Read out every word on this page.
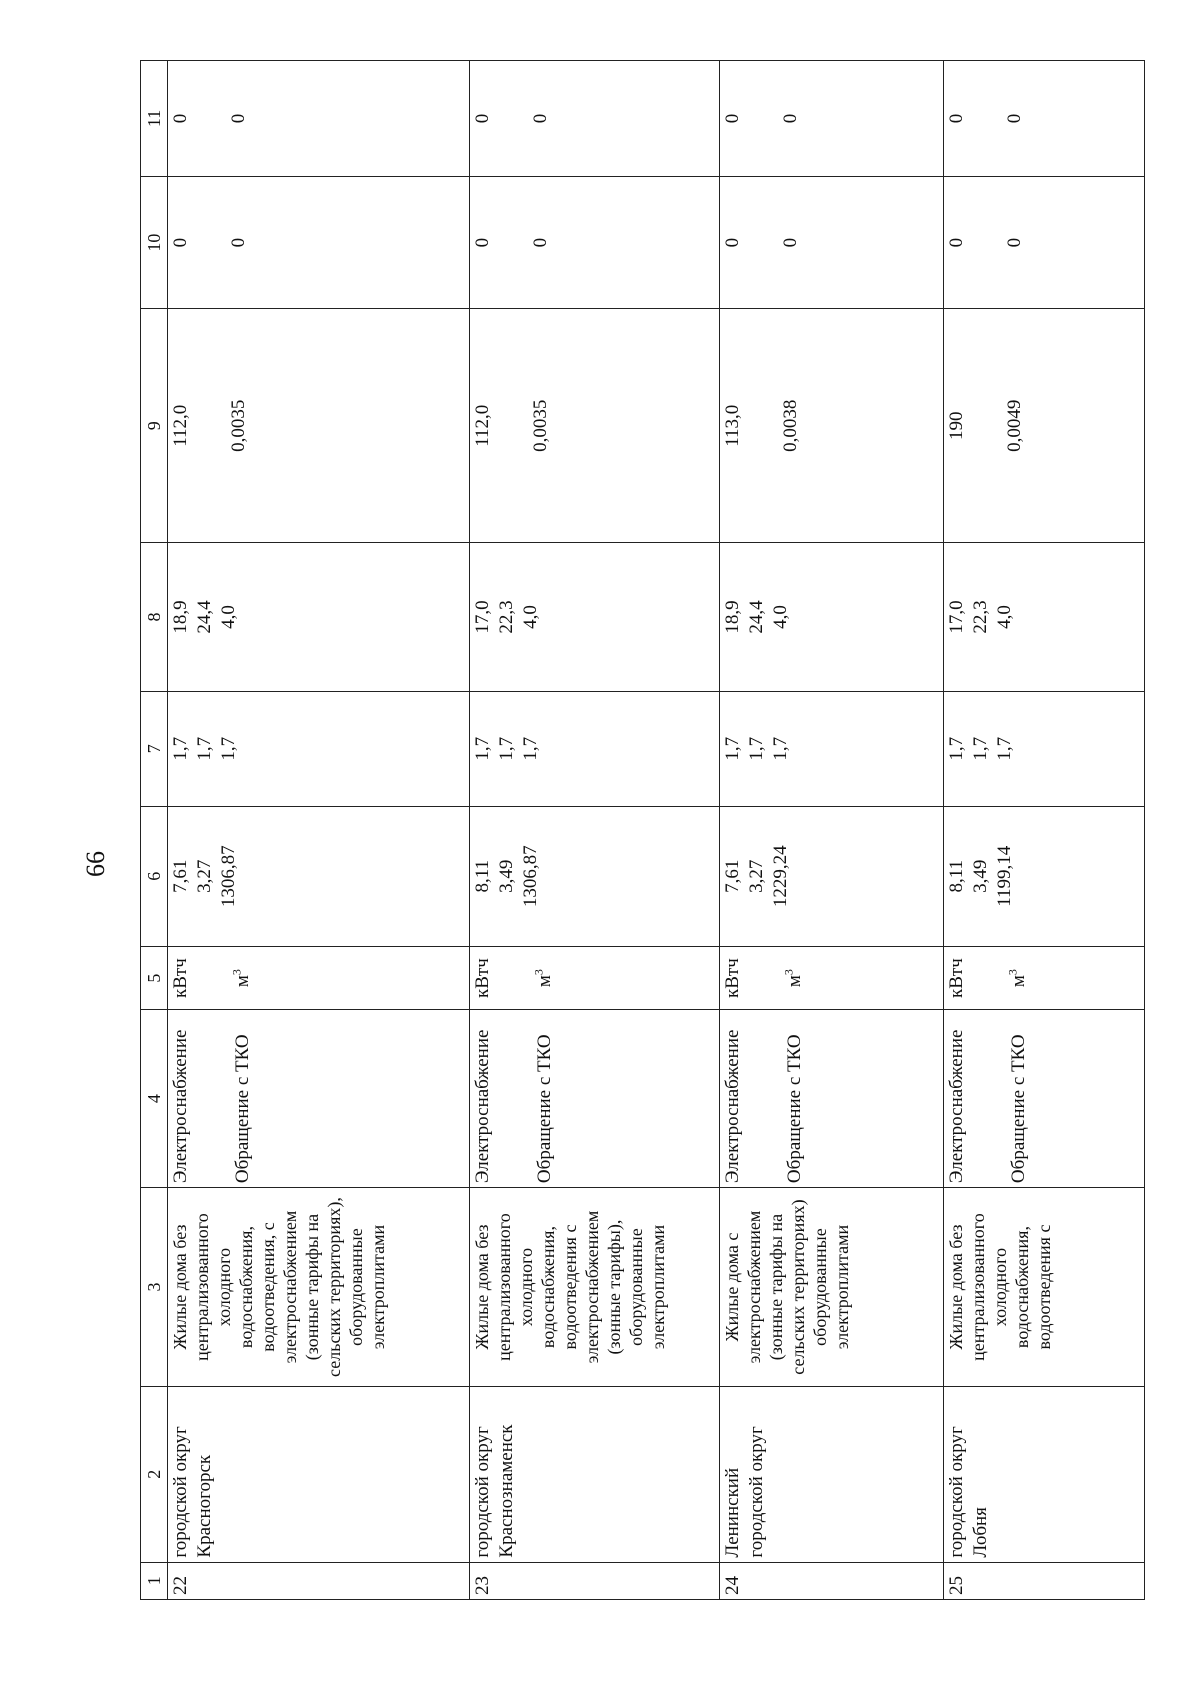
66
1	2	3	4	5	6	7	8	9	10	11
22	городской округ Красногорск	Жилые дома без централизованного холодного водоснабжения, водоотведения, с электроснабжением (зонные тарифы на сельских территориях), оборудованные электроплитами	Электроснабжение Обращение с ТКО	кВтч $м^3$	7,61 3,27 1306,87	1,7 1,7 1,7	18,9 24,4 4,0	112,0 0,0035	0 0	0 0

23	городской округ Краснознаменск	Жилые дома без централизованного холодного водоснабжения, водоотведения с электроснабжением (зонные тарифы), оборудованные электроплитами	Электроснабжение Обращение с ТКО	кВтч $м^3$	8,11 3,49 1306,87	1,7 1,7 1,7	17,0 22,3 4,0	112,0 0,0035	0 0	0 0

24	Ленинский городской округ	Жилые дома с электроснабжением (зонные тарифы на сельских территориях) оборудованные электроплитами	Электроснабжение Обращение с ТКО	кВтч $м^3$	7,61 3,27 1229,24	1,7 1,7 1,7	18,9 24,4 4,0	113,0 0,0038	0 0	0 0

25	городской округ Лобня	Жилые дома без централизованного холодного водоснабжения, водоотведения с	Электроснабжение Обращение с ТКО	кВтч $м^3$	8,11 3,49 1199,14	1,7 1,7 1,7	17,0 22,3 4,0	190 0,0049	0 0	0 0
